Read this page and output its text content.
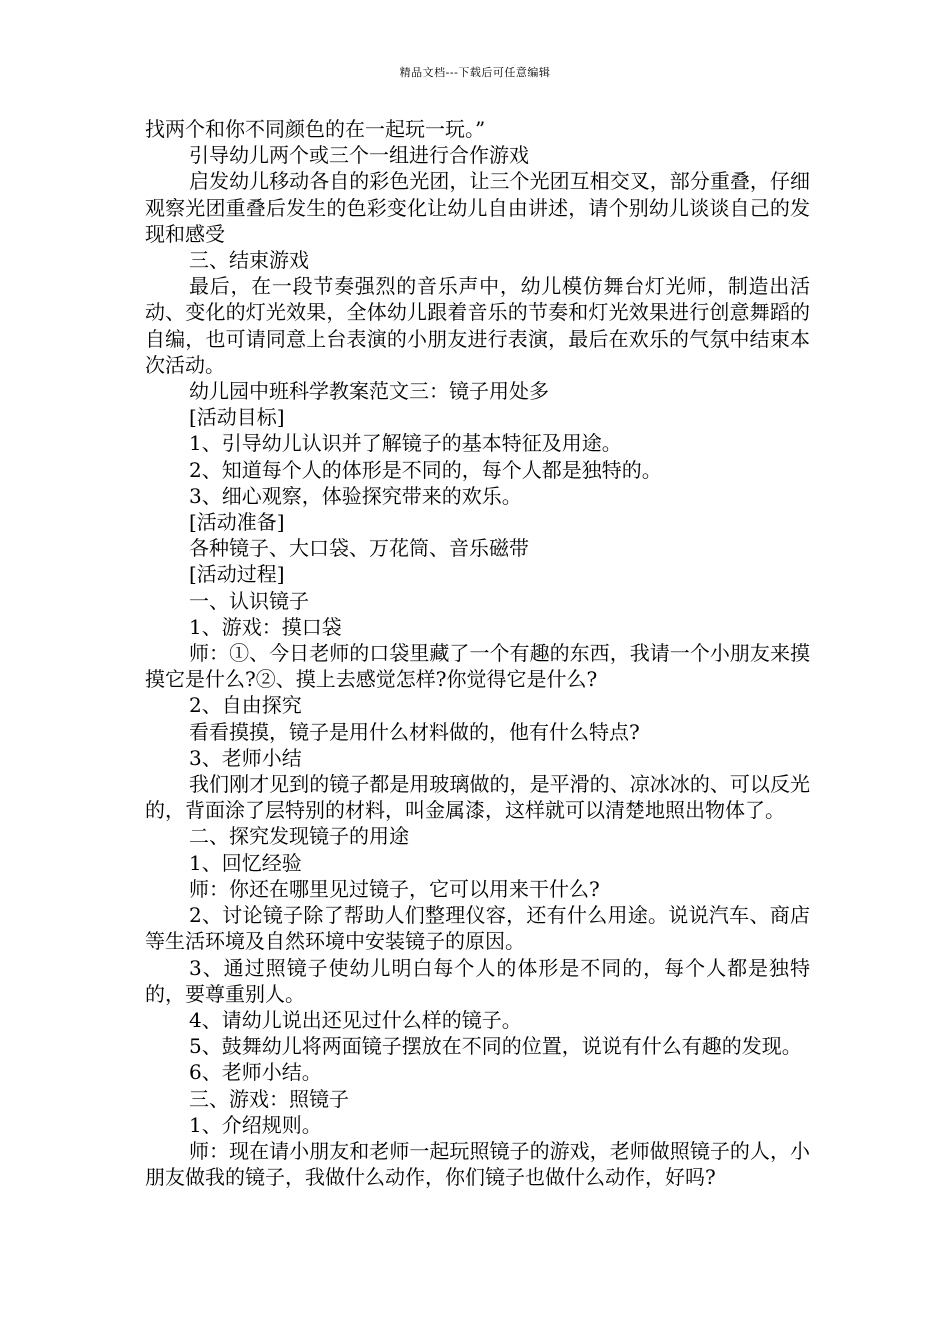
精品文档---下载后可任意编辑

找两个和你不同颜色的在一起玩一玩。”

引导幼儿两个或三个一组进行合作游戏

启发幼儿移动各自的彩色光团，让三个光团互相交叉，部分重叠，仔细观察光团重叠后发生的色彩变化让幼儿自由讲述，请个别幼儿谈谈自己的发现和感受

三、结束游戏

最后，在一段节奏强烈的音乐声中，幼儿模仿舞台灯光师，制造出活动、变化的灯光效果，全体幼儿跟着音乐的节奏和灯光效果进行创意舞蹈的自编，也可请同意上台表演的小朋友进行表演，最后在欢乐的气氛中结束本次活动。

幼儿园中班科学教案范文三：镜子用处多

[活动目标]

1、引导幼儿认识并了解镜子的基本特征及用途。

2、知道每个人的体形是不同的，每个人都是独特的。

3、细心观察，体验探究带来的欢乐。

[活动准备]

各种镜子、大口袋、万花筒、音乐磁带

[活动过程]

一、认识镜子

1、游戏：摸口袋

师：①、今日老师的口袋里藏了一个有趣的东西，我请一个小朋友来摸摸它是什么?②、摸上去感觉怎样?你觉得它是什么?

2、自由探究

看看摸摸，镜子是用什么材料做的，他有什么特点?

3、老师小结

我们刚才见到的镜子都是用玻璃做的，是平滑的、凉冰冰的、可以反光的，背面涂了层特别的材料，叫金属漆，这样就可以清楚地照出物体了。

二、探究发现镜子的用途

1、回忆经验

师：你还在哪里见过镜子，它可以用来干什么?

2、讨论镜子除了帮助人们整理仪容，还有什么用途。说说汽车、商店等生活环境及自然环境中安装镜子的原因。

3、通过照镜子使幼儿明白每个人的体形是不同的，每个人都是独特的，要尊重别人。

4、请幼儿说出还见过什么样的镜子。

5、鼓舞幼儿将两面镜子摆放在不同的位置，说说有什么有趣的发现。

6、老师小结。

三、游戏：照镜子

1、介绍规则。

师：现在请小朋友和老师一起玩照镜子的游戏，老师做照镜子的人，小朋友做我的镜子，我做什么动作，你们镜子也做什么动作，好吗?
